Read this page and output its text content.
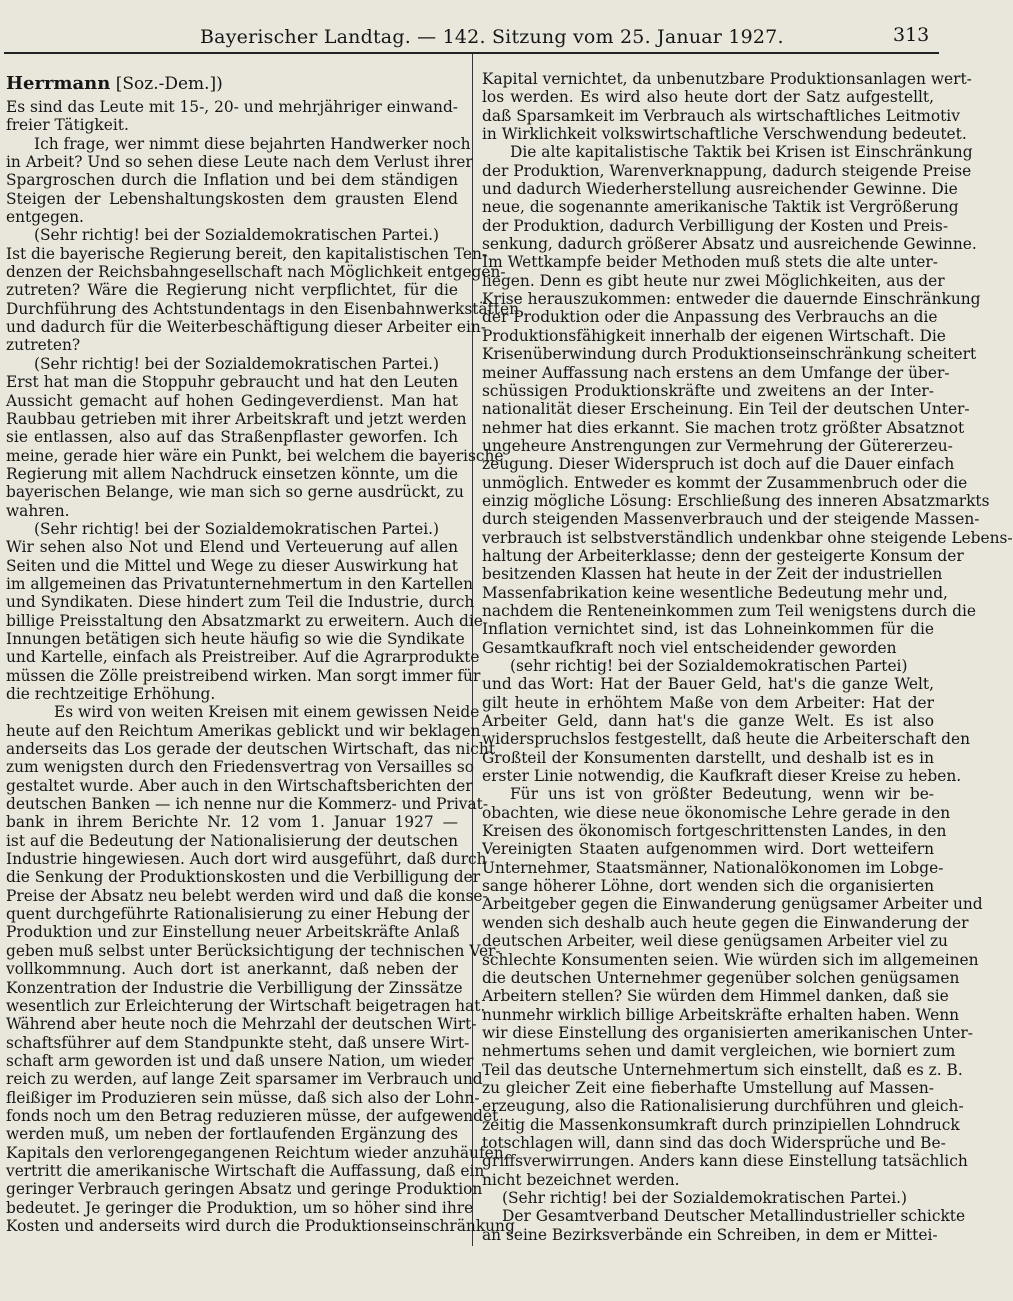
Bayerischer Landtag. — 142. Sitzung vom 25. Januar 1927.	313
Herrmann [Soz.-Dem.])
Es sind das Leute mit 15-, 20- und mehrjähriger einwand-
freier Tätigkeit.
Ich frage, wer nimmt diese bejahrten Handwerker noch
in Arbeit? Und so sehen diese Leute nach dem Verlust ihrer
Spargroschen durch die Inflation und bei dem ständigen
Steigen der Lebenshaltungskosten dem grausten Elend
entgegen.
(Sehr richtig! bei der Sozialdemokratischen Partei.)
Ist die bayerische Regierung bereit, den kapitalistischen Ten-
denzen der Reichsbahngesellschaft nach Möglichkeit entgegen-
zutreten? Wäre die Regierung nicht verpflichtet, für die
Durchführung des Achtstundentags in den Eisenbahnwerkstätten
und dadurch für die Weiterbeschäftigung dieser Arbeiter ein-
zutreten?
(Sehr richtig! bei der Sozialdemokratischen Partei.)
Erst hat man die Stoppuhr gebraucht und hat den Leuten
Aussicht gemacht auf hohen Gedingeverdienst. Man hat
Raubbau getrieben mit ihrer Arbeitskraft und jetzt werden
sie entlassen, also auf das Straßenpflaster geworfen. Ich
meine, gerade hier wäre ein Punkt, bei welchem die bayerische
Regierung mit allem Nachdruck einsetzen könnte, um die
bayerischen Belange, wie man sich so gerne ausdrückt, zu
wahren.
(Sehr richtig! bei der Sozialdemokratischen Partei.)
Wir sehen also Not und Elend und Verteuerung auf allen
Seiten und die Mittel und Wege zu dieser Auswirkung hat
im allgemeinen das Privatunternehmertum in den Kartellen
und Syndikaten. Diese hindert zum Teil die Industrie, durch
billige Preisstaltung den Absatzmarkt zu erweitern. Auch die
Innungen betätigen sich heute häufig so wie die Syndikate
und Kartelle, einfach als Preistreiber. Auf die Agrarprodukte
müssen die Zölle preistreibend wirken. Man sorgt immer für
die rechtzeitige Erhöhung.
Es wird von weiten Kreisen mit einem gewissen Neide
heute auf den Reichtum Amerikas geblickt und wir beklagen
anderseits das Los gerade der deutschen Wirtschaft, das nicht
zum wenigsten durch den Friedensvertrag von Versailles so
gestaltet wurde. Aber auch in den Wirtschaftsberichten der
deutschen Banken — ich nenne nur die Kommerz- und Privat-
bank in ihrem Berichte Nr. 12 vom 1. Januar 1927 —
ist auf die Bedeutung der Nationalisierung der deutschen
Industrie hingewiesen. Auch dort wird ausgeführt, daß durch
die Senkung der Produktionskosten und die Verbilligung der
Preise der Absatz neu belebt werden wird und daß die konse-
quent durchgeführte Rationalisierung zu einer Hebung der
Produktion und zur Einstellung neuer Arbeitskräfte Anlaß
geben muß selbst unter Berücksichtigung der technischen Ver-
vollkommnung. Auch dort ist anerkannt, daß neben der
Konzentration der Industrie die Verbilligung der Zinssätze
wesentlich zur Erleichterung der Wirtschaft beigetragen hat.
Während aber heute noch die Mehrzahl der deutschen Wirt-
schaftsführer auf dem Standpunkte steht, daß unsere Wirt-
schaft arm geworden ist und daß unsere Nation, um wieder
reich zu werden, auf lange Zeit sparsamer im Verbrauch und
fleißiger im Produzieren sein müsse, daß sich also der Lohn-
fonds noch um den Betrag reduzieren müsse, der aufgewendet
werden muß, um neben der fortlaufenden Ergänzung des
Kapitals den verlorengegangenen Reichtum wieder anzuhäufen,
vertritt die amerikanische Wirtschaft die Auffassung, daß ein
geringer Verbrauch geringen Absatz und geringe Produktion
bedeutet. Je geringer die Produktion, um so höher sind ihre
Kosten und anderseits wird durch die Produktionseinschränkung
Kapital vernichtet, da unbenutzbare Produktionsanlagen wert-
los werden. Es wird also heute dort der Satz aufgestellt,
daß Sparsamkeit im Verbrauch als wirtschaftliches Leitmotiv
in Wirklichkeit volkswirtschaftliche Verschwendung bedeutet.
Die alte kapitalistische Taktik bei Krisen ist Einschränkung
der Produktion, Warenverknappung, dadurch steigende Preise
und dadurch Wiederherstellung ausreichender Gewinne. Die
neue, die sogenannte amerikanische Taktik ist Vergrößerung
der Produktion, dadurch Verbilligung der Kosten und Preis-
senkung, dadurch größerer Absatz und ausreichende Gewinne.
Im Wettkampfe beider Methoden muß stets die alte unter-
liegen. Denn es gibt heute nur zwei Möglichkeiten, aus der
Krise herauszukommen: entweder die dauernde Einschränkung
der Produktion oder die Anpassung des Verbrauchs an die
Produktionsfähigkeit innerhalb der eigenen Wirtschaft. Die
Krisenüberwindung durch Produktionseinschränkung scheitert
meiner Auffassung nach erstens an dem Umfange der über-
schüssigen Produktionskräfte und zweitens an der Inter-
nationalität dieser Erscheinung. Ein Teil der deutschen Unter-
nehmer hat dies erkannt. Sie machen trotz größter Absatznot
ungeheure Anstrengungen zur Vermehrung der Gütererzeu-
zeugung. Dieser Widerspruch ist doch auf die Dauer einfach
unmöglich. Entweder es kommt der Zusammenbruch oder die
einzig mögliche Lösung: Erschließung des inneren Absatzmarkts
durch steigenden Massenverbrauch und der steigende Massen-
verbrauch ist selbstverständlich undenkbar ohne steigende Lebens-
haltung der Arbeiterklasse; denn der gesteigerte Konsum der
besitzenden Klassen hat heute in der Zeit der industriellen
Massenfabrikation keine wesentliche Bedeutung mehr und,
nachdem die Renteneinkommen zum Teil wenigstens durch die
Inflation vernichtet sind, ist das Lohneinkommen für die
Gesamtkaufkraft noch viel entscheidender geworden
(sehr richtig! bei der Sozialdemokratischen Partei)
und das Wort: Hat der Bauer Geld, hat's die ganze Welt,
gilt heute in erhöhtem Maße von dem Arbeiter: Hat der
Arbeiter Geld, dann hat's die ganze Welt. Es ist also
widerspruchslos festgestellt, daß heute die Arbeiterschaft den
Großteil der Konsumenten darstellt, und deshalb ist es in
erster Linie notwendig, die Kaufkraft dieser Kreise zu heben.
Für uns ist von größter Bedeutung, wenn wir be-
obachten, wie diese neue ökonomische Lehre gerade in den
Kreisen des ökonomisch fortgeschrittensten Landes, in den
Vereinigten Staaten aufgenommen wird. Dort wetteifern
Unternehmer, Staatsmänner, Nationalökonomen im Lobge-
sange höherer Löhne, dort wenden sich die organisierten
Arbeitgeber gegen die Einwanderung genügsamer Arbeiter und
wenden sich deshalb auch heute gegen die Einwanderung der
deutschen Arbeiter, weil diese genügsamen Arbeiter viel zu
schlechte Konsumenten seien. Wie würden sich im allgemeinen
die deutschen Unternehmer gegenüber solchen genügsamen
Arbeitern stellen? Sie würden dem Himmel danken, daß sie
nunmehr wirklich billige Arbeitskräfte erhalten haben. Wenn
wir diese Einstellung des organisierten amerikanischen Unter-
nehmertums sehen und damit vergleichen, wie borniert zum
Teil das deutsche Unternehmertum sich einstellt, daß es z. B.
zu gleicher Zeit eine fieberhafte Umstellung auf Massen-
erzeugung, also die Rationalisierung durchführen und gleich-
zeitig die Massenkonsumkraft durch prinzipiellen Lohndruck
totschlagen will, dann sind das doch Widersprüche und Be-
griffsverwirrungen. Anders kann diese Einstellung tatsächlich
nicht bezeichnet werden.
(Sehr richtig! bei der Sozialdemokratischen Partei.)
Der Gesamtverband Deutscher Metallindustrieller schickte
an seine Bezirksverbände ein Schreiben, in dem er Mittei-
